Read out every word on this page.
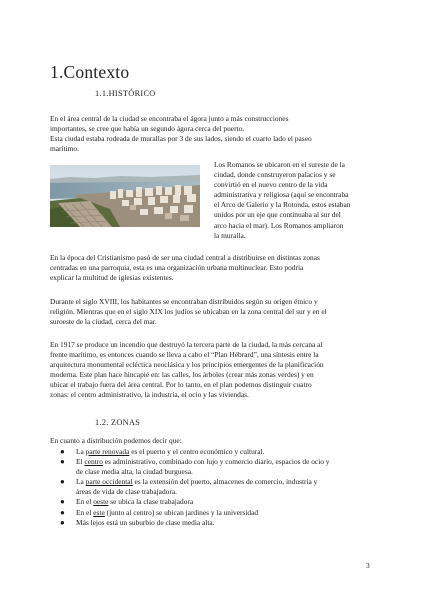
1.Contexto
1.1.HISTÓRICO
En el área central de la ciudad se encontraba el ágora junto a más construcciones
importantes, se cree que había un segundo ágora cerca del puerto.
Esta ciudad estaba rodeada de murallas por 3 de sus lados, siendo el cuarto lado el paseo
marítimo.
Los Romanos se ubicaron en el sureste de la
ciudad, donde construyeron palacios y se
convirtió en el nuevo centro de la vida
administrativa y religiosa (aquí se encontraba
el Arco de Galerio y la Rotonda, estos estaban
unidos por un eje que continuaba al sur del
arco hacia el mar). Los Romanos ampliaron
la muralla.
En la época del Cristianismo pasó de ser una ciudad central a distribuirse en distintas zonas
centradas en una parroquia, esta es una organización urbana multinuclear. Esto podría
explicar la multitud de iglesias existentes.
Durante el siglo XVIII, los habitantes se encontraban distribuidos según su origen étnico y
religión. Mientras que en el siglo XIX los judíos se ubicaban en la zona central del sur y en el
suroeste de la ciudad, cerca del mar.
En 1917 se produce un incendio que destruyó la tercera parte de la ciudad, la más cercana al
frente marítimo, es entonces cuando se lleva a cabo el “Plan Hébrard”, una síntesis entre la
arquitectura monumental ecléctica neoclásica y los principios emergentes de la planificación
moderna. Este plan hace hincapié en: las calles, los árboles (crear más zonas verdes) y en
ubicar el trabajo fuera del área central. Por lo tanto, en el plan podemos distinguir cuatro
zonas: el centro administrativo, la industria, el ocio y las viviendas.
1.2. ZONAS
En cuanto a distribución podemos decir que:
● La parte renovada es el puerto y el centro económico y cultural.
● El centro es administrativo, combinado con lujo y comercio diario, espacios de ocio y
de clase media alta, la ciudad burguesa.
● La parte occidental es la extensión del puerto, almacenes de comercio, industria y
áreas de vida de clase trabajadora.
● En el oeste se ubica la clase trabajadora
● En el este (junto al centro) se ubican jardines y la universidad
● Más lejos está un suburbio de clase media alta.
3
